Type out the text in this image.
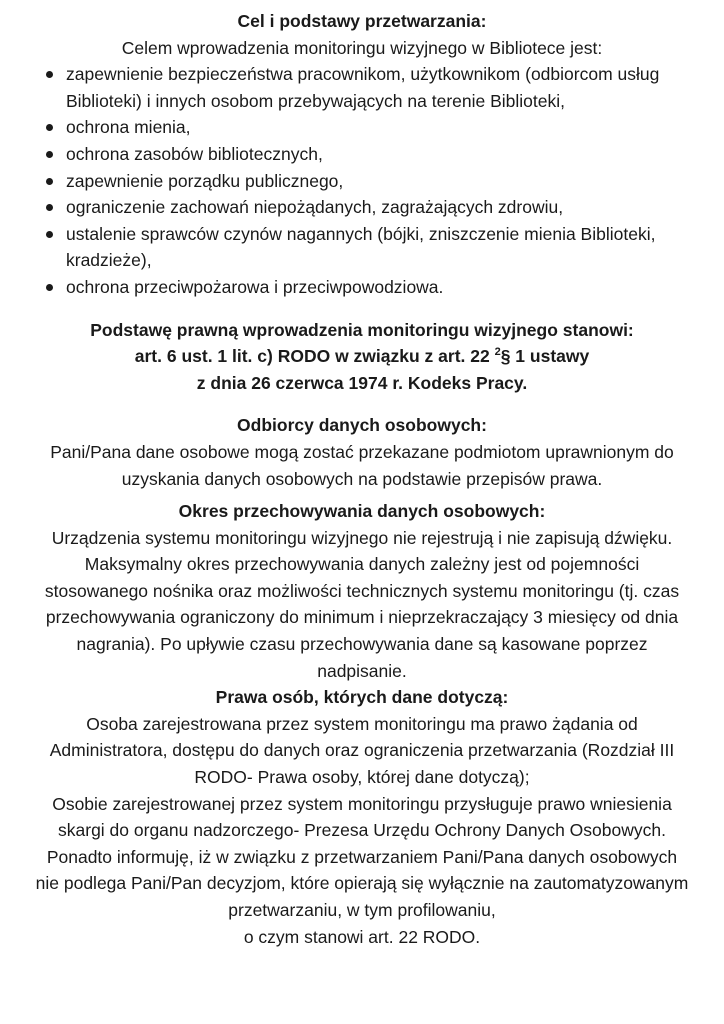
Cel i podstawy przetwarzania:

Celem wprowadzenia monitoringu wizyjnego w Bibliotece jest:

zapewnienie bezpieczeństwa pracownikom, użytkownikom (odbiorcom usług Biblioteki) i innych osobom przebywających na terenie Biblioteki,
ochrona mienia,
ochrona zasobów bibliotecznych,
zapewnienie porządku publicznego,
ograniczenie zachowań niepożądanych, zagrażających zdrowiu,
ustalenie sprawców czynów nagannych (bójki, zniszczenie mienia Biblioteki, kradzieże),
ochrona przeciwpożarowa i przeciwpowodziowa.
Podstawę prawną wprowadzenia monitoringu wizyjnego stanowi:
art. 6 ust. 1 lit. c) RODO w związku z art. 22 $^2$§ 1 ustawy
z dnia 26 czerwca 1974 r. Kodeks Pracy.

Odbiorcy danych osobowych:

Pani/Pana dane osobowe mogą zostać przekazane podmiotom uprawnionym do uzyskania danych osobowych na podstawie przepisów prawa.

Okres przechowywania danych osobowych:

Urządzenia systemu monitoringu wizyjnego nie rejestrują i nie zapisują dźwięku. Maksymalny okres przechowywania danych zależny jest od pojemności stosowanego nośnika oraz możliwości technicznych systemu monitoringu (tj. czas przechowywania ograniczony do minimum i nieprzekraczający 3 miesięcy od dnia nagrania). Po upływie czasu przechowywania dane są kasowane poprzez nadpisanie.

Prawa osób, których dane dotyczą:

Osoba zarejestrowana przez system monitoringu ma prawo żądania od Administratora, dostępu do danych oraz ograniczenia przetwarzania (Rozdział III RODO- Prawa osoby, której dane dotyczą);

Osobie zarejestrowanej przez system monitoringu przysługuje prawo wniesienia skargi do organu nadzorczego- Prezesa Urzędu Ochrony Danych Osobowych.

Ponadto informuję, iż w związku z przetwarzaniem Pani/Pana danych osobowych nie podlega Pani/Pan decyzjom, które opierają się wyłącznie na zautomatyzowanym przetwarzaniu, w tym profilowaniu,

o czym stanowi art. 22 RODO.
